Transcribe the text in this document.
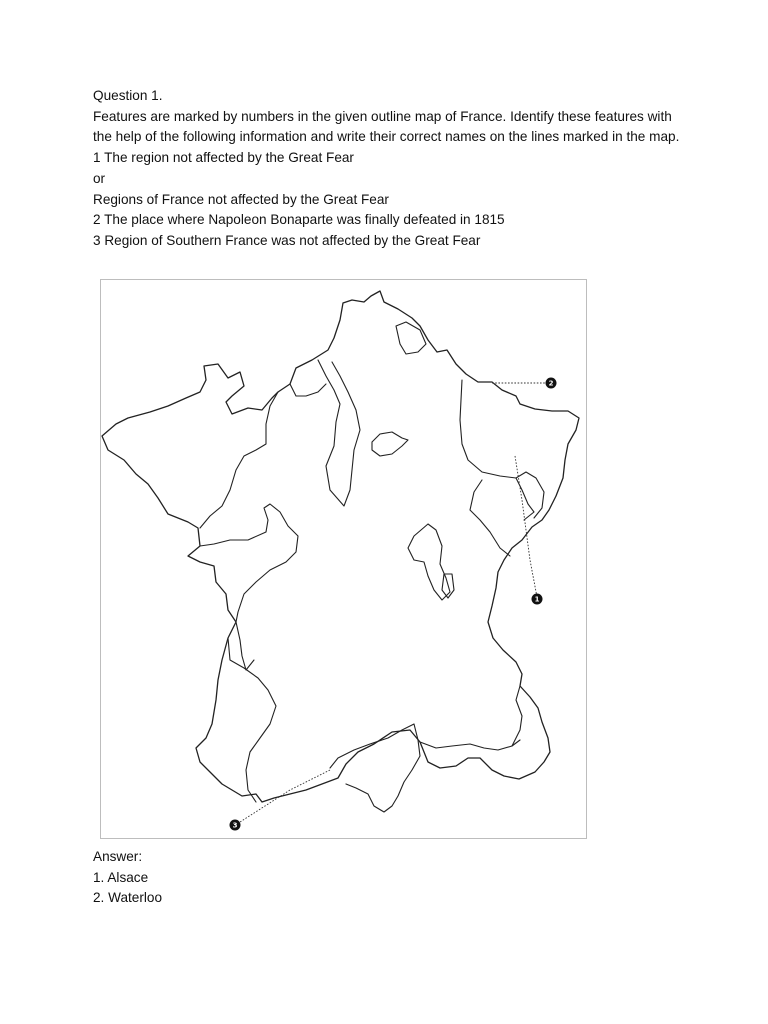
Question 1.
Features are marked by numbers in the given outline map of France. Identify these features with the help of the following information and write their correct names on the lines marked in the map.
1 The region not affected by the Great Fear
or
Regions of France not affected by the Great Fear
2 The place where Napoleon Bonaparte was finally defeated in 1815
3 Region of Southern France was not affected by the Great Fear
1
2
3
Answer:
1. Alsace
2. Waterloo
